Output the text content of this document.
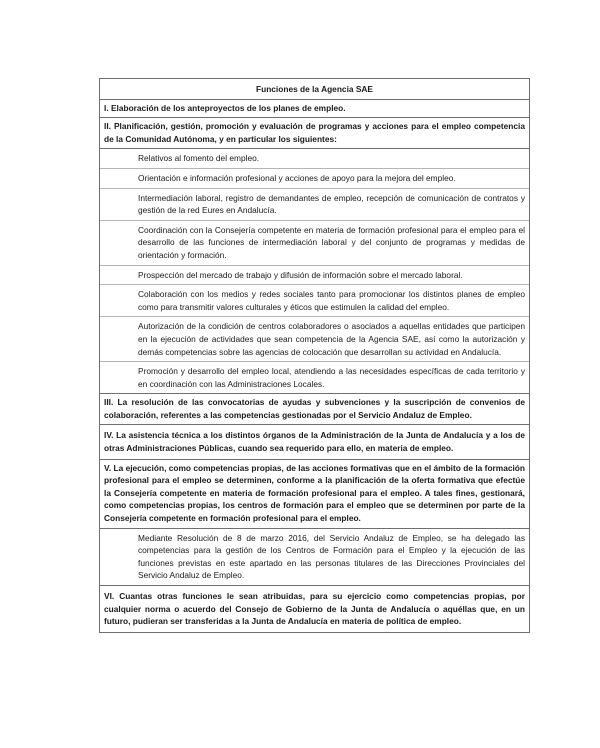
Funciones de la Agencia SAE
I. Elaboración de los anteproyectos de los planes de empleo.
II. Planificación, gestión, promoción y evaluación de programas y acciones para el empleo competencia de la Comunidad Autónoma, y en particular los siguientes:
Relativos al fomento del empleo.
Orientación e información profesional y acciones de apoyo para la mejora del empleo.
Intermediación laboral, registro de demandantes de empleo, recepción de comunicación de contratos y gestión de la red Eures en Andalucía.
Coordinación con la Consejería competente en materia de formación profesional para el empleo para el desarrollo de las funciones de intermediación laboral y del conjunto de programas y medidas de orientación y formación.
Prospección del mercado de trabajo y difusión de información sobre el mercado laboral.
Colaboración con los medios y redes sociales tanto para promocionar los distintos planes de empleo como para transmitir valores culturales y éticos que estimulen la calidad del empleo.
Autorización de la condición de centros colaboradores o asociados a aquellas entidades que participen en la ejecución de actividades que sean competencia de la Agencia SAE, así como la autorización y demás competencias sobre las agencias de colocación que desarrollan su actividad en Andalucía.
Promoción y desarrollo del empleo local, atendiendo a las necesidades específicas de cada territorio y en coordinación con las Administraciones Locales.
III. La resolución de las convocatorias de ayudas y subvenciones y la suscripción de convenios de colaboración, referentes a las competencias gestionadas por el Servicio Andaluz de Empleo.
IV. La asistencia técnica a los distintos órganos de la Administración de la Junta de Andalucía y a los de otras Administraciones Públicas, cuando sea requerido para ello, en materia de empleo.
V. La ejecución, como competencias propias, de las acciones formativas que en el ámbito de la formación profesional para el empleo se determinen, conforme a la planificación de la oferta formativa que efectúe la Consejería competente en materia de formación profesional para el empleo. A tales fines, gestionará, como competencias propias, los centros de formación para el empleo que se determinen por parte de la Consejería competente en formación profesional para el empleo.
Mediante Resolución de 8 de marzo 2016, del Servicio Andaluz de Empleo, se ha delegado las competencias para la gestión de los Centros de Formación para el Empleo y la ejecución de las funciones previstas en este apartado en las personas titulares de las Direcciones Provinciales del Servicio Andaluz de Empleo.
VI. Cuantas otras funciones le sean atribuidas, para su ejercicio como competencias propias, por cualquier norma o acuerdo del Consejo de Gobierno de la Junta de Andalucía o aquéllas que, en un futuro, pudieran ser transferidas a la Junta de Andalucía en materia de política de empleo.
